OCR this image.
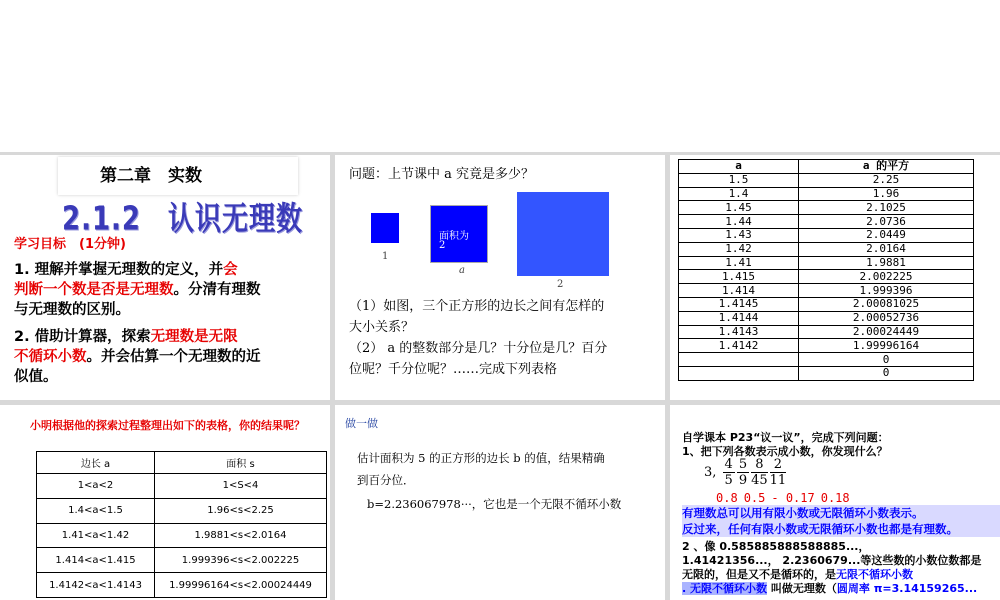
第二章　实数
2.1.2　认识无理数
学习目标　(1分钟)
1. 理解并掌握无理数的定义，并会
判断一个数是否是无理数。分清有理数
与无理数的区别。
2. 借助计算器，探索无理数是无限
不循环小数。并会估算一个无理数的近
似值。
问题：上节课中 a 究竟是多少？
1
面积为
2
a
2
（1）如图，三个正方形的边长之间有怎样的
大小关系？
（2） a 的整数部分是几？十分位是几？百分
位呢？千分位呢？……完成下列表格
a	a 的平方
1.5	2.25
1.4	1.96
1.45	2.1025
1.44	2.0736
1.43	2.0449
1.42	2.0164
1.41	1.9881
1.415	2.002225
1.414	1.999396
1.4145	2.00081025
1.4144	2.00052736
1.4143	2.00024449
1.4142	1.99996164
	0
	0
小明根据他的探索过程整理出如下的表格，你的结果呢？
边长 a	面积 s
1<a<2	1<S<4
1.4<a<1.5	1.96<s<2.25
1.41<a<1.42	1.9881<s<2.0164
1.414<a<1.415	1.999396<s<2.002225
1.4142<a<1.4143	1.99996164<s<2.00024449
做一做
估计面积为 5 的正方形的边长 b 的值，结果精确
到百分位．
b=2.236067978···，它也是一个无限不循环小数
自学课本 P23“议一议”，完成下列问题：
1、把下列各数表示成小数，你发现什么？
3, $\frac{4}{5} \frac{5}{9} \frac{8}{45} \frac{2}{11}$
0.8 0.5 - 0.17 0.18
有理数总可以用有限小数或无限循环小数表示。
反过来，任何有限小数或无限循环小数也都是有理数。
2 、像 0.585885888588885...，
1.41421356...， 2.2360679...等这些数的小数位数都是
无限的，但是又不是循环的，是无限不循环小数
. 无限不循环小数 叫做无理数（圆周率 π=3.14159265...
